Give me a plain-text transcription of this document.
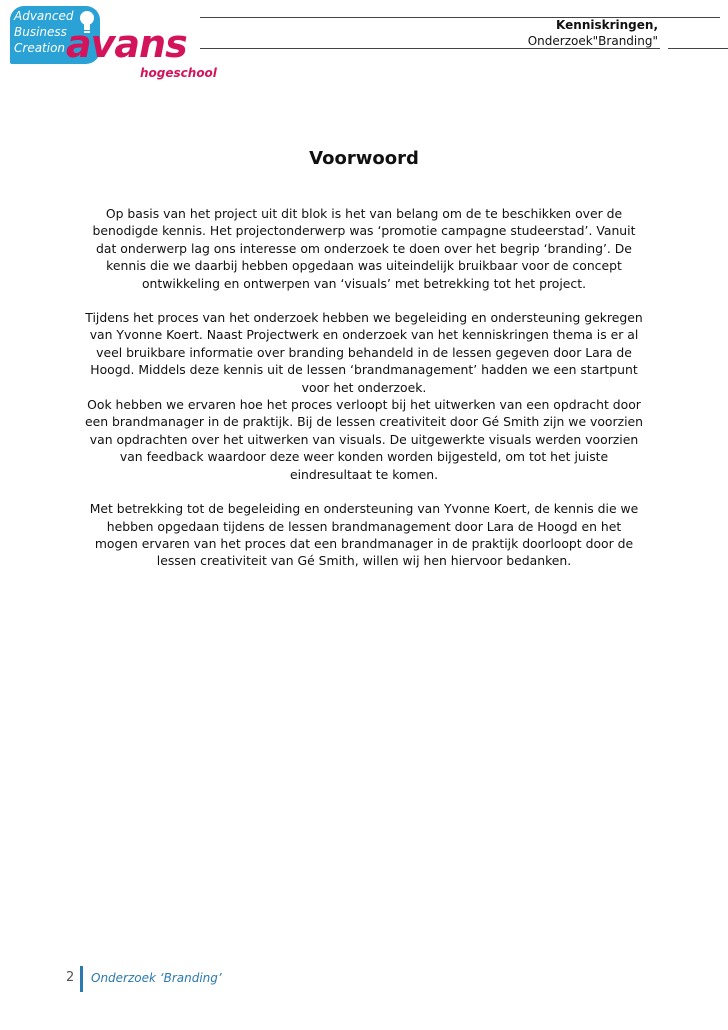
Advanced
Business
Creation avans
hogeschool
Kenniskringen,
Onderzoek"Branding"
Voorwoord

Op basis van het project uit dit blok is het van belang om de te beschikken over de benodigde kennis. Het projectonderwerp was ‘promotie campagne studeerstad’. Vanuit dat onderwerp lag ons interesse om onderzoek te doen over het begrip ‘branding’. De kennis die we daarbij hebben opgedaan was uiteindelijk bruikbaar voor de concept ontwikkeling en ontwerpen van ‘visuals’ met betrekking tot het project.

Tijdens het proces van het onderzoek hebben we begeleiding en ondersteuning gekregen van Yvonne Koert. Naast Projectwerk en onderzoek van het kenniskringen thema is er al veel bruikbare informatie over branding behandeld in de lessen gegeven door Lara de Hoogd. Middels deze kennis uit de lessen ‘brandmanagement’ hadden we een startpunt voor het onderzoek.
Ook hebben we ervaren hoe het proces verloopt bij het uitwerken van een opdracht door een brandmanager in de praktijk. Bij de lessen creativiteit door Gé Smith zijn we voorzien van opdrachten over het uitwerken van visuals. De uitgewerkte visuals werden voorzien van feedback waardoor deze weer konden worden bijgesteld, om tot het juiste eindresultaat te komen.

Met betrekking tot de begeleiding en ondersteuning van Yvonne Koert, de kennis die we hebben opgedaan tijdens de lessen brandmanagement door Lara de Hoogd en het mogen ervaren van het proces dat een brandmanager in de praktijk doorloopt door de lessen creativiteit van Gé Smith, willen wij hen hiervoor bedanken.

2 Onderzoek ‘Branding’
